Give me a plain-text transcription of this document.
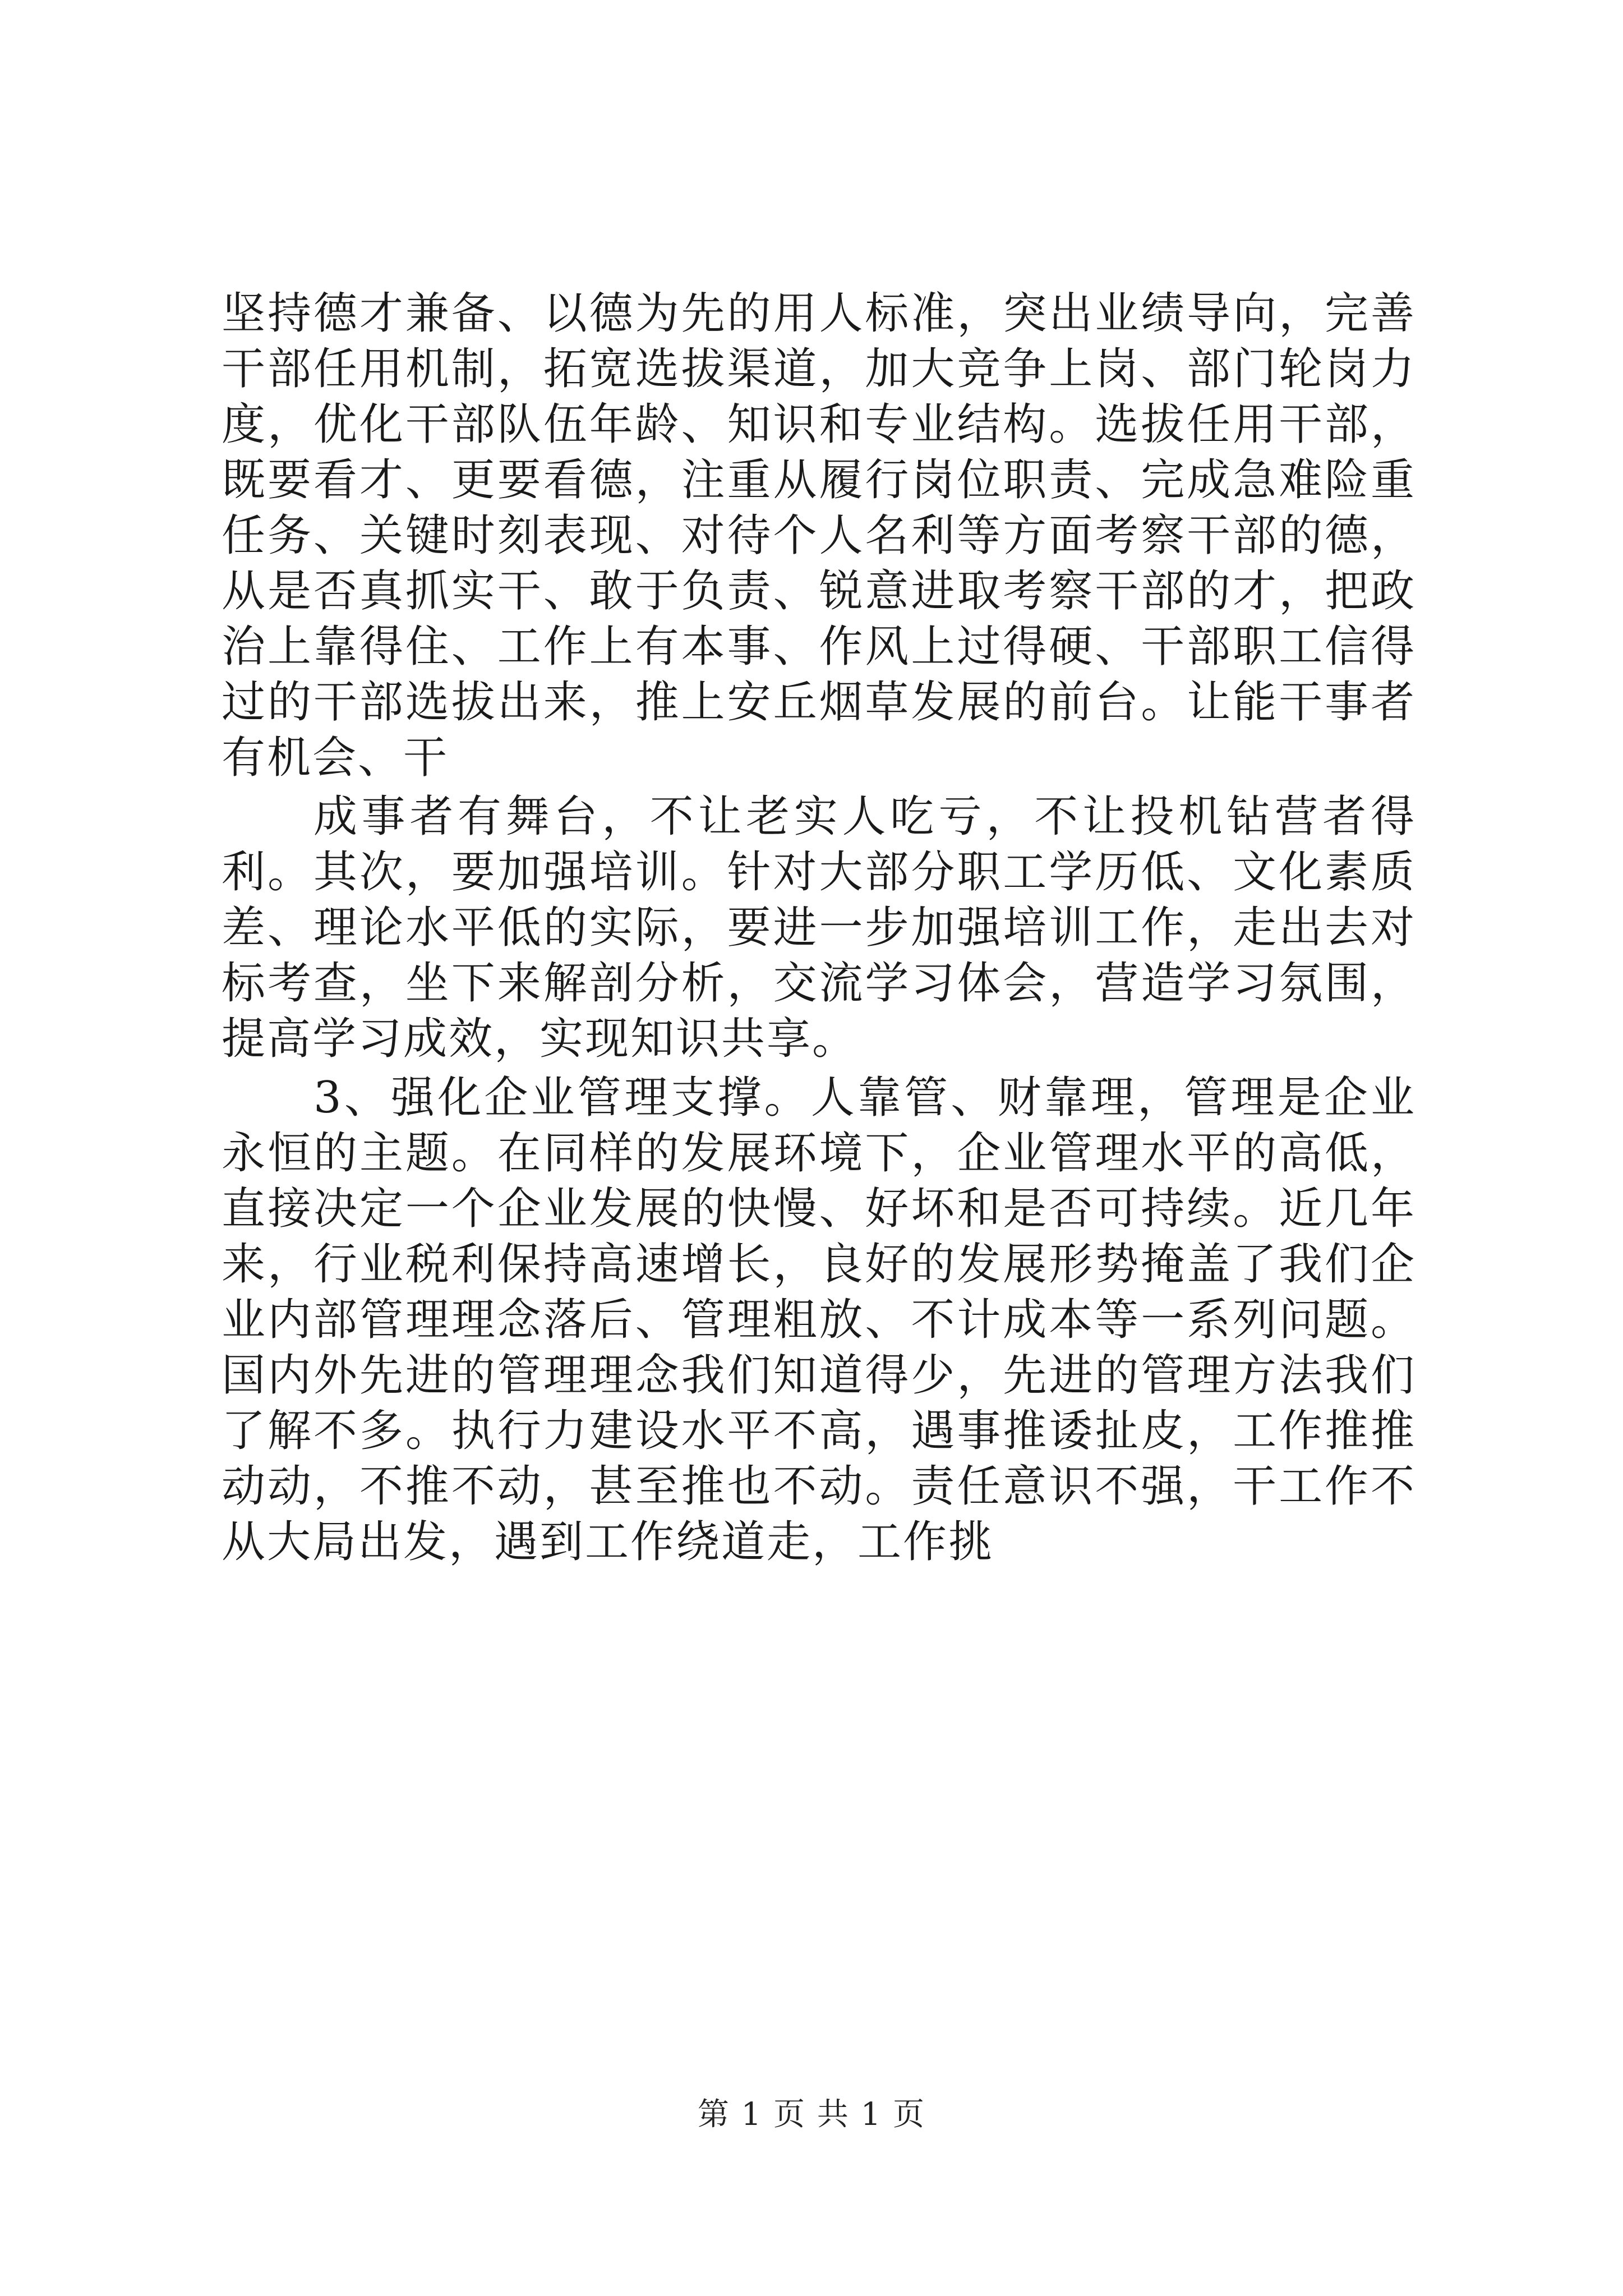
坚持德才兼备、以德为先的用人标准，突出业绩导向，完善干部任用机制，拓宽选拔渠道，加大竞争上岗、部门轮岗力度，优化干部队伍年龄、知识和专业结构。选拔任用干部，既要看才、更要看德，注重从履行岗位职责、完成急难险重任务、关键时刻表现、对待个人名利等方面考察干部的德，从是否真抓实干、敢于负责、锐意进取考察干部的才，把政治上靠得住、工作上有本事、作风上过得硬、干部职工信得过的干部选拔出来，推上安丘烟草发展的前台。让能干事者有机会、干

成事者有舞台，不让老实人吃亏，不让投机钻营者得利。其次，要加强培训。针对大部分职工学历低、文化素质差、理论水平低的实际，要进一步加强培训工作，走出去对标考查，坐下来解剖分析，交流学习体会，营造学习氛围，提高学习成效，实现知识共享。

3、强化企业管理支撑。人靠管、财靠理，管理是企业永恒的主题。在同样的发展环境下，企业管理水平的高低，直接决定一个企业发展的快慢、好坏和是否可持续。近几年来，行业税利保持高速增长，良好的发展形势掩盖了我们企业内部管理理念落后、管理粗放、不计成本等一系列问题。国内外先进的管理理念我们知道得少，先进的管理方法我们了解不多。执行力建设水平不高，遇事推诿扯皮，工作推推动动，不推不动，甚至推也不动。责任意识不强，干工作不从大局出发，遇到工作绕道走，工作挑

第 1 页 共 1 页
